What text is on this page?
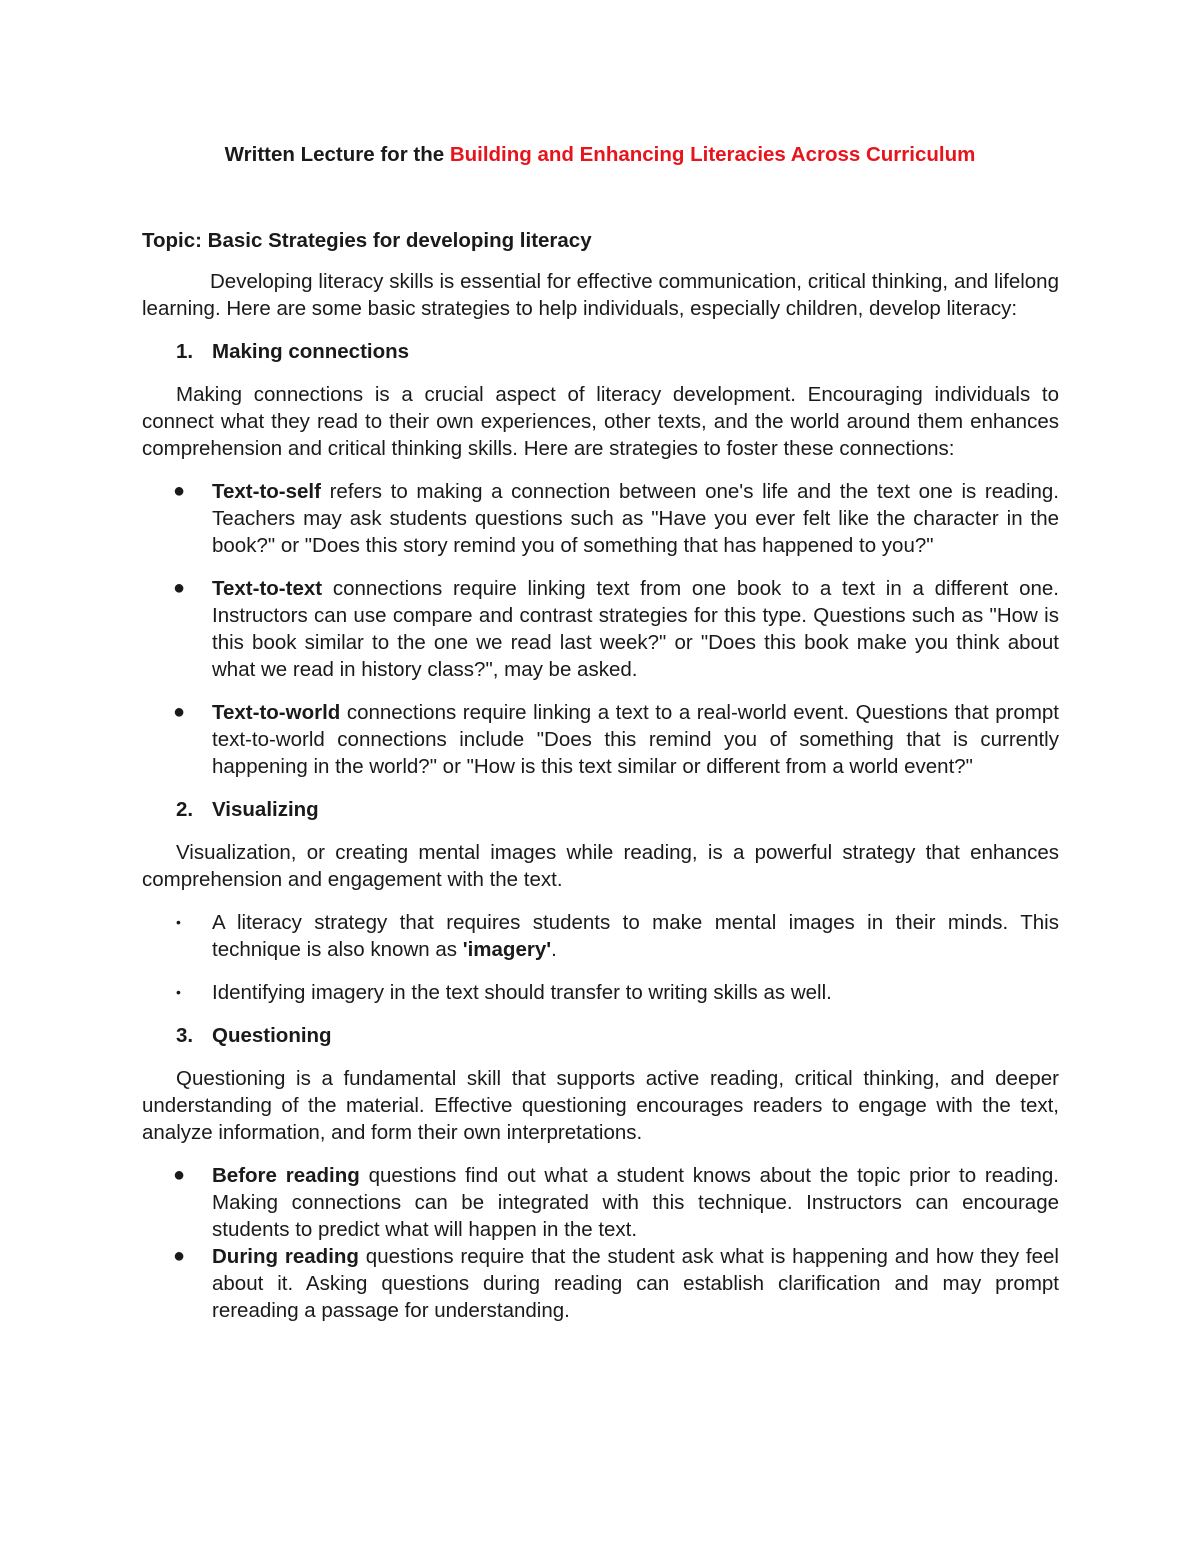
Written Lecture for the Building and Enhancing Literacies Across Curriculum
Topic: Basic Strategies for developing literacy

Developing literacy skills is essential for effective communication, critical thinking, and lifelong learning. Here are some basic strategies to help individuals, especially children, develop literacy:

1. Making connections

Making connections is a crucial aspect of literacy development. Encouraging individuals to connect what they read to their own experiences, other texts, and the world around them enhances comprehension and critical thinking skills. Here are strategies to foster these connections:

● Text-to-self refers to making a connection between one's life and the text one is reading. Teachers may ask students questions such as "Have you ever felt like the character in the book?" or "Does this story remind you of something that has happened to you?"
● Text-to-text connections require linking text from one book to a text in a different one. Instructors can use compare and contrast strategies for this type. Questions such as "How is this book similar to the one we read last week?" or "Does this book make you think about what we read in history class?", may be asked.
● Text-to-world connections require linking a text to a real-world event. Questions that prompt text-to-world connections include "Does this remind you of something that is currently happening in the world?" or "How is this text similar or different from a world event?"
2. Visualizing

Visualization, or creating mental images while reading, is a powerful strategy that enhances comprehension and engagement with the text.

• A literacy strategy that requires students to make mental images in their minds. This technique is also known as 'imagery'.
• Identifying imagery in the text should transfer to writing skills as well.
3. Questioning

Questioning is a fundamental skill that supports active reading, critical thinking, and deeper understanding of the material. Effective questioning encourages readers to engage with the text, analyze information, and form their own interpretations.

● Before reading questions find out what a student knows about the topic prior to reading. Making connections can be integrated with this technique. Instructors can encourage students to predict what will happen in the text.
● During reading questions require that the student ask what is happening and how they feel about it. Asking questions during reading can establish clarification and may prompt rereading a passage for understanding.
